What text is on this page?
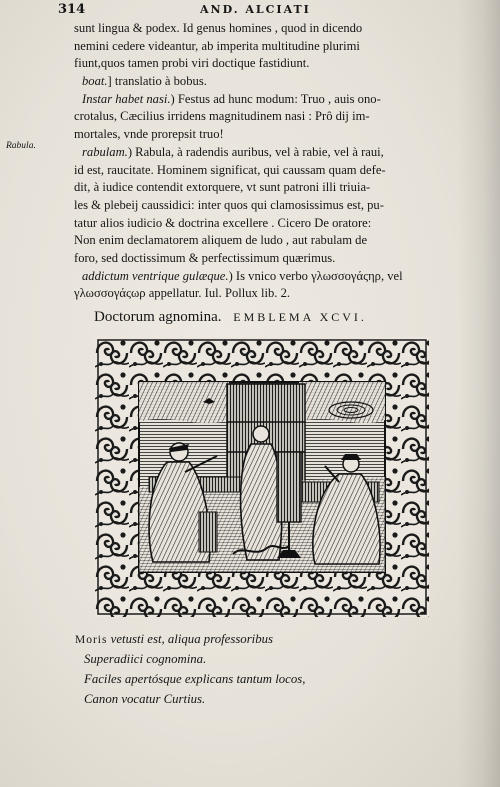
314	AND. ALCIATI
sunt lingua & podex. Id genus homines , quod in dicendo
nemini cedere videantur, ab imperita multitudine plurimi
fiunt,quos tamen probi viri doctique fastidiunt.
boat.] translatio à bobus.
Instar habet nasi.) Festus ad hunc modum: Truo , auis ono-
crotalus, Cæcilius irridens magnitudinem nasi : Prô dij im-
mortales, vnde prorepsit truo!
rabulam.) Rabula, à radendis auribus, vel à rabie, vel à raui,
id est, raucitate. Hominem significat, qui caussam quam defe-
dit, à iudice contendit extorquere, vt sunt patroni illi triuia-
les & plebeij caussidici: inter quos qui clamosissimus est, pu-
tatur alios iudicio & doctrina excellere . Cicero De oratore:
Non enim declamatorem aliquem de ludo , aut rabulam de
foro, sed doctissimum & perfectissimum quærimus.
addictum ventrique gulæque.) Is vnico verbo γλωσσογάςηρ, vel
γλωσσογάςωρ appellatur. Iul. Pollux lib. 2.
Rabula.
Doctorum agnomina. EMBLEMA XCVI.
Moris vetusti est, aliqua professoribus
Superadiici cognomina.
Faciles apertósque explicans tantum locos,
Canon vocatur Curtius.
